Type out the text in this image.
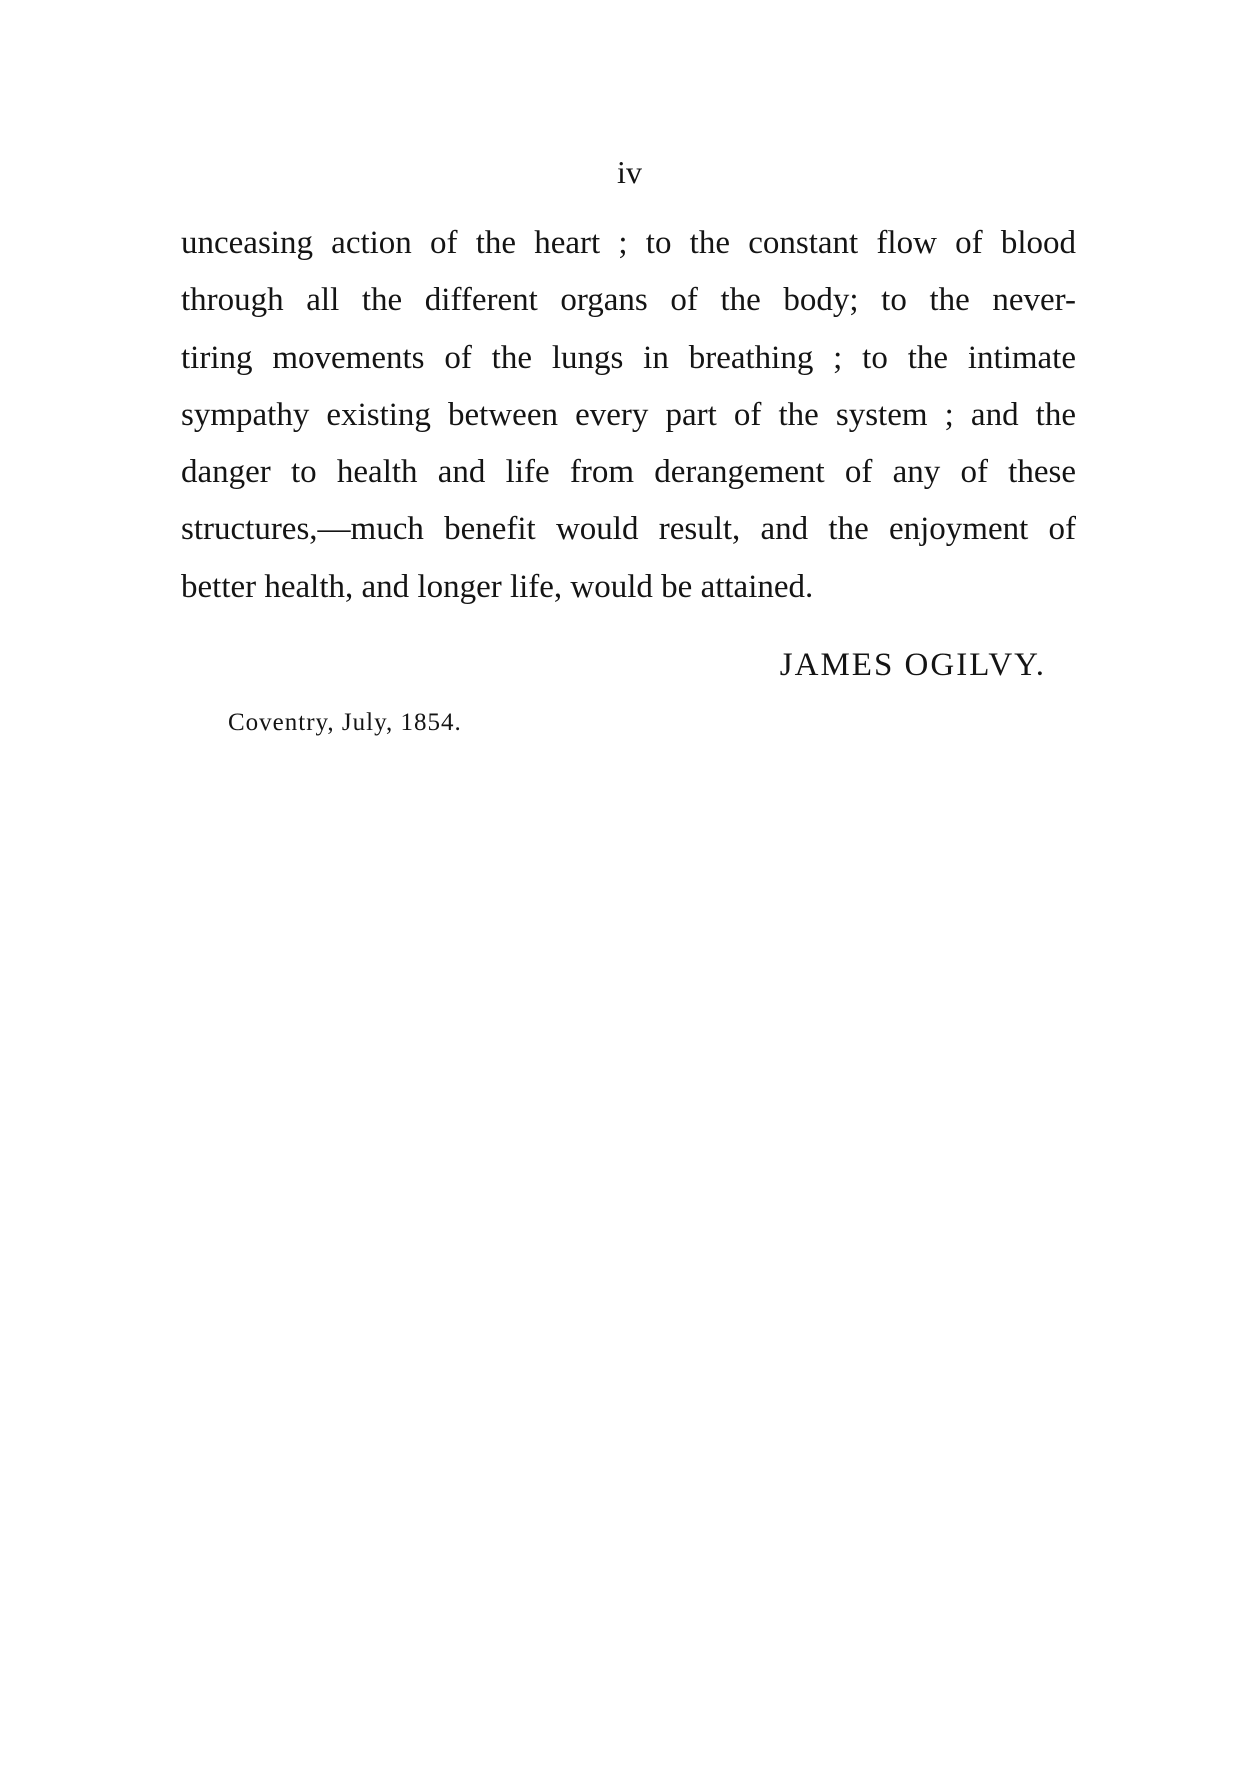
iv
unceasing action of the heart ; to the constant flow of blood
through all the different organs of the body; to the never-
tiring movements of the lungs in breathing ; to the intimate
sympathy existing between every part of the system ; and the
danger to health and life from derangement of any of these
structures,—much benefit would result, and the enjoyment of
better health, and longer life, would be attained.
JAMES OGILVY.
Coventry, July, 1854.
